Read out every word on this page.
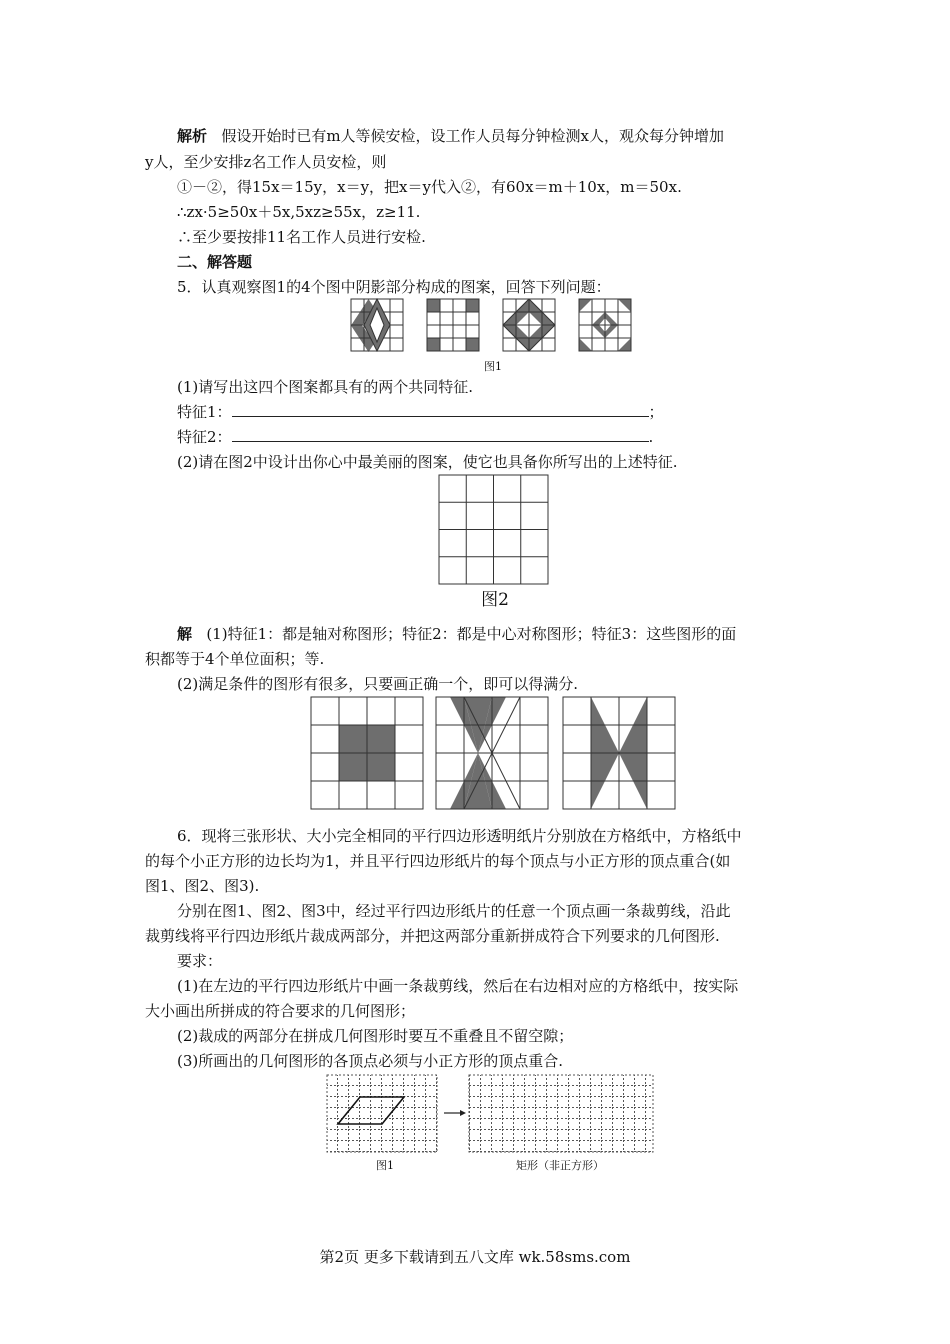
解析 假设开始时已有m人等候安检，设工作人员每分钟检测x人，观众每分钟增加
y人，至少安排z名工作人员安检，则
①－②，得15x＝15y，x＝y，把x＝y代入②，有60x＝m＋10x，m＝50x.
∴zx·5≥50x＋5x,5xz≥55x，z≥11.
∴至少要按排11名工作人员进行安检.
二、解答题
5．认真观察图1的4个图中阴影部分构成的图案，回答下列问题：
图1
(1)请写出这四个图案都具有的两个共同特征.
特征1：	；
特征2：	.
(2)请在图2中设计出你心中最美丽的图案，使它也具备你所写出的上述特征.
图2
解 (1)特征1：都是轴对称图形；特征2：都是中心对称图形；特征3：这些图形的面
积都等于4个单位面积；等.
(2)满足条件的图形有很多，只要画正确一个，即可以得满分.
6．现将三张形状、大小完全相同的平行四边形透明纸片分别放在方格纸中，方格纸中
的每个小正方形的边长均为1，并且平行四边形纸片的每个顶点与小正方形的顶点重合(如
图1、图2、图3).
分别在图1、图2、图3中，经过平行四边形纸片的任意一个顶点画一条裁剪线，沿此
裁剪线将平行四边形纸片裁成两部分，并把这两部分重新拼成符合下列要求的几何图形.
要求：
(1)在左边的平行四边形纸片中画一条裁剪线，然后在右边相对应的方格纸中，按实际
大小画出所拼成的符合要求的几何图形；
(2)裁成的两部分在拼成几何图形时要互不重叠且不留空隙；
(3)所画出的几何图形的各顶点必须与小正方形的顶点重合.
图1	矩形（非正方形）
第2页 更多下载请到五八文库 wk.58sms.com
